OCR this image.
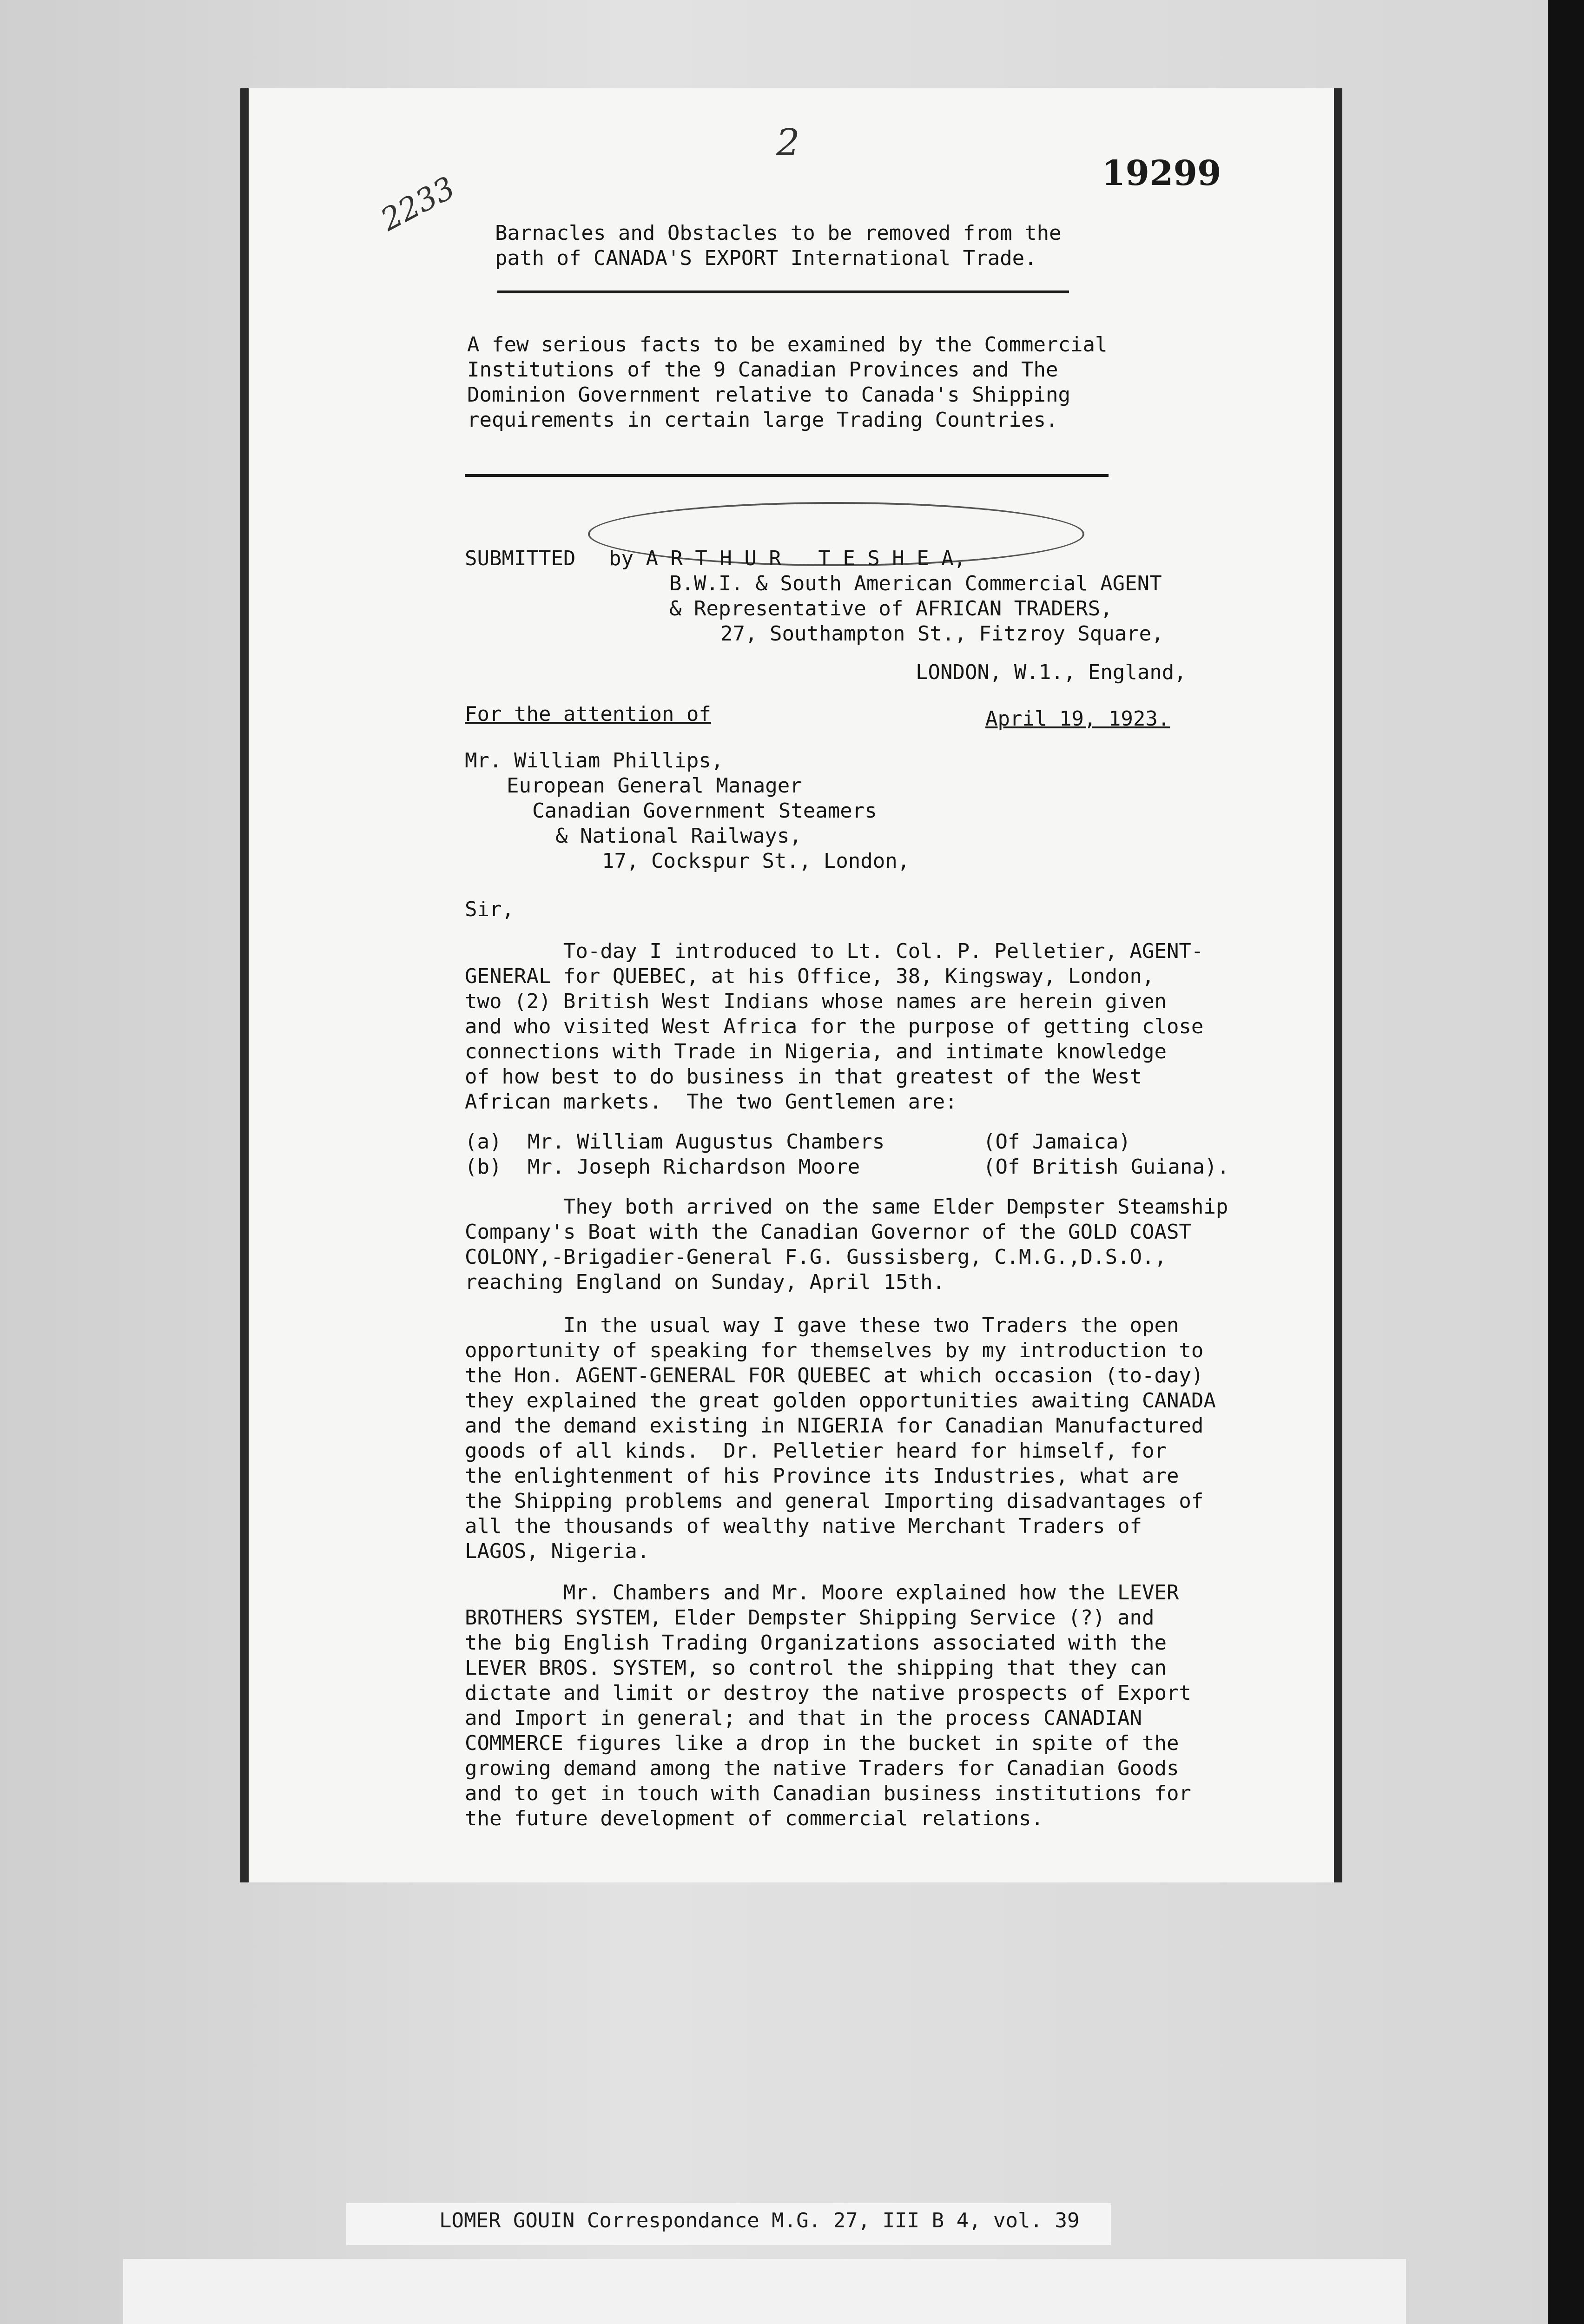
2233
2
19299
Barnacles and Obstacles to be removed from the
path of CANADA'S EXPORT International Trade.
A few serious facts to be examined by the Commercial
Institutions of the 9 Canadian Provinces and The
Dominion Government relative to Canada's Shipping
requirements in certain large Trading Countries.
SUBMITTED by A R T H U R   T E S H E A,
B.W.I. & South American Commercial AGENT
& Representative of AFRICAN TRADERS,
27, Southampton St., Fitzroy Square,
LONDON, W.1., England,
For the attention of	April 19, 1923.
Mr. William Phillips,
European General Manager
Canadian Government Steamers
& National Railways,
17, Cockspur St., London,
Sir,
To-day I introduced to Lt. Col. P. Pelletier, AGENT-
GENERAL for QUEBEC, at his Office, 38, Kingsway, London,
two (2) British West Indians whose names are herein given
and who visited West Africa for the purpose of getting close
connections with Trade in Nigeria, and intimate knowledge
of how best to do business in that greatest of the West
African markets.  The two Gentlemen are:
(a) Mr. William Augustus Chambers	(Of Jamaica)
(b) Mr. Joseph Richardson Moore	(Of British Guiana).
They both arrived on the same Elder Dempster Steamship
Company's Boat with the Canadian Governor of the GOLD COAST
COLONY,-Brigadier-General F.G. Gussisberg, C.M.G.,D.S.O.,
reaching England on Sunday, April 15th.
In the usual way I gave these two Traders the open
opportunity of speaking for themselves by my introduction to
the Hon. AGENT-GENERAL FOR QUEBEC at which occasion (to-day)
they explained the great golden opportunities awaiting CANADA
and the demand existing in NIGERIA for Canadian Manufactured
goods of all kinds.  Dr. Pelletier heard for himself, for
the enlightenment of his Province its Industries, what are
the Shipping problems and general Importing disadvantages of
all the thousands of wealthy native Merchant Traders of
LAGOS, Nigeria.
Mr. Chambers and Mr. Moore explained how the LEVER
BROTHERS SYSTEM, Elder Dempster Shipping Service (?) and
the big English Trading Organizations associated with the
LEVER BROS. SYSTEM, so control the shipping that they can
dictate and limit or destroy the native prospects of Export
and Import in general; and that in the process CANADIAN
COMMERCE figures like a drop in the bucket in spite of the
growing demand among the native Traders for Canadian Goods
and to get in touch with Canadian business institutions for
the future development of commercial relations.
LOMER GOUIN Correspondance M.G. 27, III B 4, vol. 39
